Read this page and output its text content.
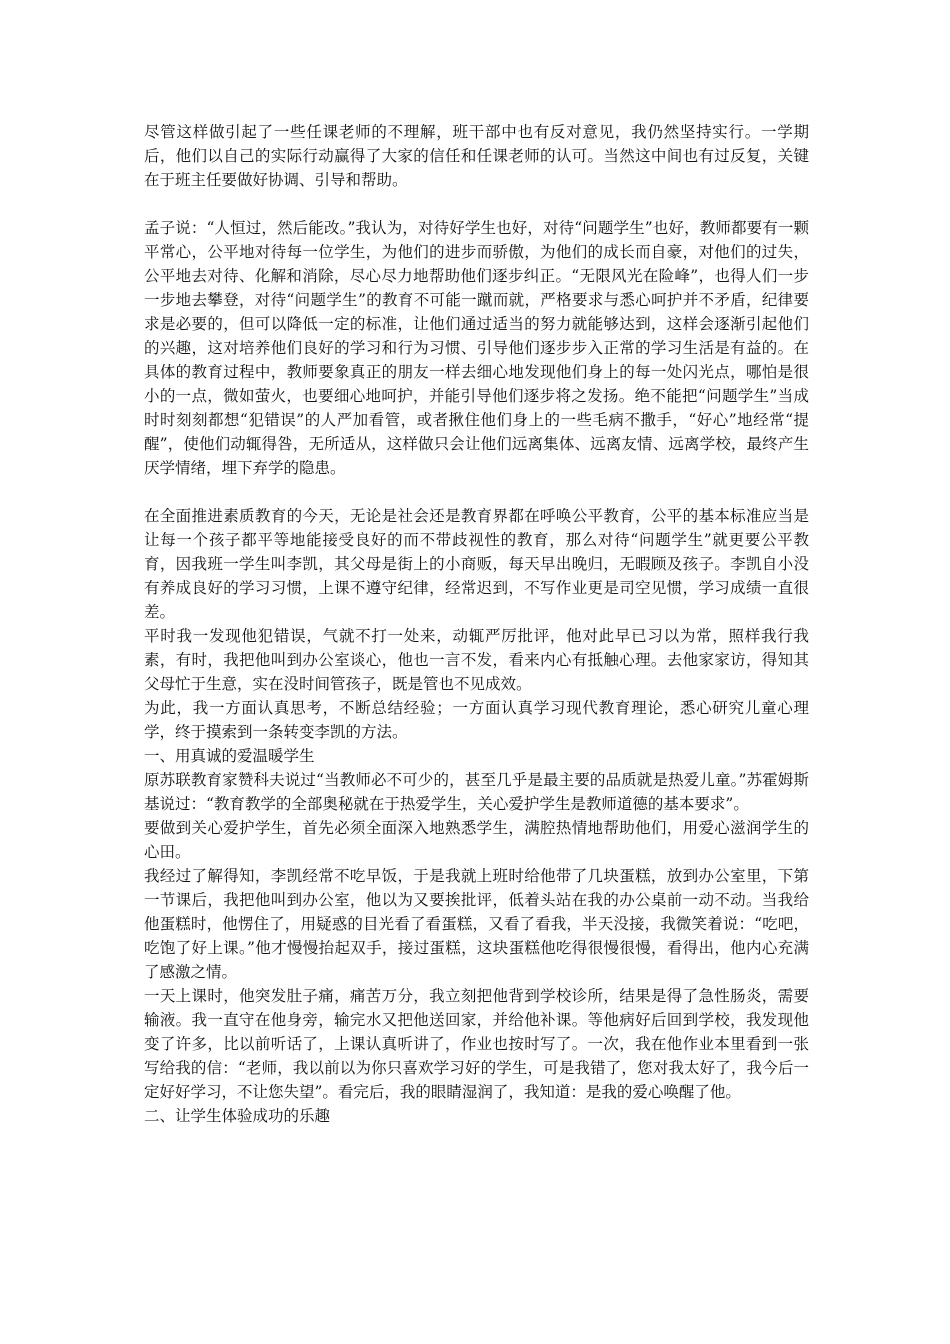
尽管这样做引起了一些任课老师的不理解，班干部中也有反对意见，我仍然坚持实行。一学期后，他们以自己的实际行动赢得了大家的信任和任课老师的认可。当然这中间也有过反复，关键在于班主任要做好协调、引导和帮助。

孟子说：“人恒过，然后能改。”我认为，对待好学生也好，对待“问题学生”也好，教师都要有一颗平常心，公平地对待每一位学生，为他们的进步而骄傲，为他们的成长而自豪，对他们的过失，公平地去对待、化解和消除，尽心尽力地帮助他们逐步纠正。“无限风光在险峰”，也得人们一步一步地去攀登，对待“问题学生”的教育不可能一蹴而就，严格要求与悉心呵护并不矛盾，纪律要求是必要的，但可以降低一定的标准，让他们通过适当的努力就能够达到，这样会逐渐引起他们的兴趣，这对培养他们良好的学习和行为习惯、引导他们逐步步入正常的学习生活是有益的。在具体的教育过程中，教师要象真正的朋友一样去细心地发现他们身上的每一处闪光点，哪怕是很小的一点，微如萤火，也要细心地呵护，并能引导他们逐步将之发扬。绝不能把“问题学生”当成时时刻刻都想“犯错误”的人严加看管，或者揪住他们身上的一些毛病不撒手，“好心”地经常“提醒”，使他们动辄得咎，无所适从，这样做只会让他们远离集体、远离友情、远离学校，最终产生厌学情绪，埋下弃学的隐患。

在全面推进素质教育的今天，无论是社会还是教育界都在呼唤公平教育，公平的基本标准应当是让每一个孩子都平等地能接受良好的而不带歧视性的教育，那么对待“问题学生”就更要公平教育，因我班一学生叫李凯，其父母是街上的小商贩，每天早出晚归，无暇顾及孩子。李凯自小没有养成良好的学习习惯，上课不遵守纪律，经常迟到，不写作业更是司空见惯，学习成绩一直很差。

平时我一发现他犯错误，气就不打一处来，动辄严厉批评，他对此早已习以为常，照样我行我素，有时，我把他叫到办公室谈心，他也一言不发，看来内心有抵触心理。去他家家访，得知其父母忙于生意，实在没时间管孩子，既是管也不见成效。

为此，我一方面认真思考，不断总结经验；一方面认真学习现代教育理论，悉心研究儿童心理学，终于摸索到一条转变李凯的方法。

一、用真诚的爱温暖学生

原苏联教育家赞科夫说过“当教师必不可少的，甚至几乎是最主要的品质就是热爱儿童。”苏霍姆斯基说过：“教育教学的全部奥秘就在于热爱学生，关心爱护学生是教师道德的基本要求”。

要做到关心爱护学生，首先必须全面深入地熟悉学生，满腔热情地帮助他们，用爱心滋润学生的心田。

我经过了解得知，李凯经常不吃早饭，于是我就上班时给他带了几块蛋糕，放到办公室里，下第一节课后，我把他叫到办公室，他以为又要挨批评，低着头站在我的办公桌前一动不动。当我给他蛋糕时，他愣住了，用疑惑的目光看了看蛋糕，又看了看我，半天没接，我微笑着说：“吃吧，吃饱了好上课。”他才慢慢抬起双手，接过蛋糕，这块蛋糕他吃得很慢很慢，看得出，他内心充满了感激之情。

一天上课时，他突发肚子痛，痛苦万分，我立刻把他背到学校诊所，结果是得了急性肠炎，需要输液。我一直守在他身旁，输完水又把他送回家，并给他补课。等他病好后回到学校，我发现他变了许多，比以前听话了，上课认真听讲了，作业也按时写了。一次，我在他作业本里看到一张写给我的信：“老师，我以前以为你只喜欢学习好的学生，可是我错了，您对我太好了，我今后一定好好学习，不让您失望”。看完后，我的眼睛湿润了，我知道：是我的爱心唤醒了他。

二、让学生体验成功的乐趣
